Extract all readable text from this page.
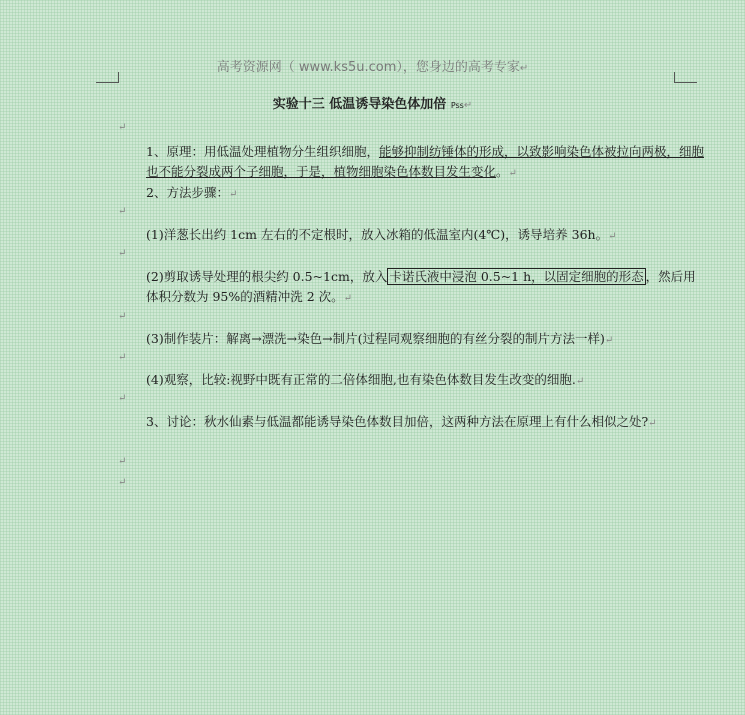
高考资源网（ www.ks5u.com），您身边的高考专家↵
实验十三 低温诱导染色体加倍 Pss↵
↵
1、原理：用低温处理植物分生组织细胞，能够抑制纺锤体的形成，以致影响染色体被拉向两极，细胞也不能分裂成两个子细胞，于是，植物细胞染色体数目发生变化。↵
2、方法步骤：↵
↵
(1)洋葱长出约 1cm 左右的不定根时，放入冰箱的低温室内(4℃)，诱导培养 36h。↵
↵
(2)剪取诱导处理的根尖约 0.5~1cm，放入 卡诺氏液中浸泡 0.5~1 h，以固定细胞的形态 ，然后用体积分数为 95%的酒精冲洗 2 次。↵
↵
(3)制作装片：解离→漂洗→染色→制片(过程同观察细胞的有丝分裂的制片方法一样)↵
↵
(4)观察，比较:视野中既有正常的二倍体细胞,也有染色体数目发生改变的细胞.↵
↵
3、讨论：秋水仙素与低温都能诱导染色体数目加倍，这两种方法在原理上有什么相似之处?↵
↵
↵
